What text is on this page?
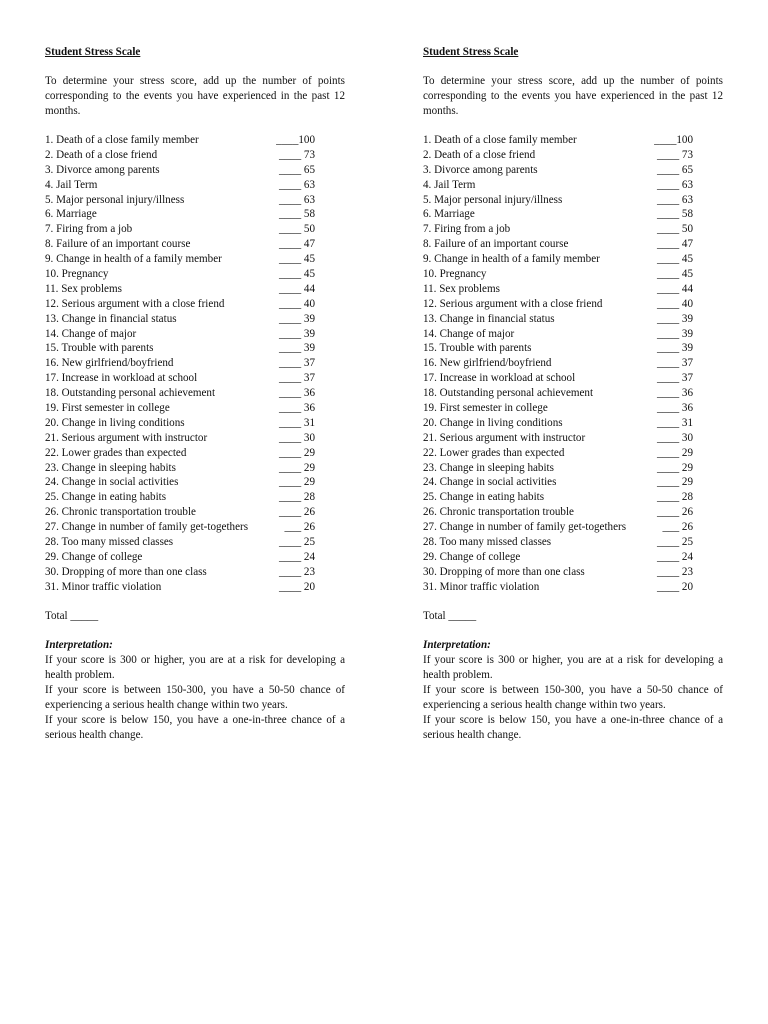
Student Stress Scale
To determine your stress score, add up the number of points corresponding to the events you have experienced in the past 12 months.
1. Death of a close family member	____100
2. Death of a close friend	____ 73
3. Divorce among parents	____ 65
4. Jail Term	____ 63
5. Major personal injury/illness	____ 63
6. Marriage	____ 58
7. Firing from a job	____ 50
8. Failure of an important course	____ 47
9. Change in health of a family member	____ 45
10. Pregnancy	____ 45
11. Sex problems	____ 44
12. Serious argument with a close friend	____ 40
13. Change in financial status	____ 39
14. Change of major	____ 39
15. Trouble with parents	____ 39
16. New girlfriend/boyfriend	____ 37
17. Increase in workload at school	____ 37
18. Outstanding personal achievement	____ 36
19. First semester in college	____ 36
20. Change in living conditions	____ 31
21. Serious argument with instructor	____ 30
22. Lower grades than expected	____ 29
23. Change in sleeping habits	____ 29
24. Change in social activities	____ 29
25. Change in eating habits	____ 28
26. Chronic transportation trouble	____ 26
27. Change in number of family get-togethers	___ 26
28. Too many missed classes	____ 25
29. Change of college	____ 24
30. Dropping of more than one class	____ 23
31. Minor traffic violation	____ 20
Total _____
Interpretation:
If your score is 300 or higher, you are at a risk for developing a health problem.
If your score is between 150-300, you have a 50-50 chance of experiencing a serious health change within two years.
If your score is below 150, you have a one-in-three chance of a serious health change.
Student Stress Scale
To determine your stress score, add up the number of points corresponding to the events you have experienced in the past 12 months.
1. Death of a close family member	____100
2. Death of a close friend	____ 73
3. Divorce among parents	____ 65
4. Jail Term	____ 63
5. Major personal injury/illness	____ 63
6. Marriage	____ 58
7. Firing from a job	____ 50
8. Failure of an important course	____ 47
9. Change in health of a family member	____ 45
10. Pregnancy	____ 45
11. Sex problems	____ 44
12. Serious argument with a close friend	____ 40
13. Change in financial status	____ 39
14. Change of major	____ 39
15. Trouble with parents	____ 39
16. New girlfriend/boyfriend	____ 37
17. Increase in workload at school	____ 37
18. Outstanding personal achievement	____ 36
19. First semester in college	____ 36
20. Change in living conditions	____ 31
21. Serious argument with instructor	____ 30
22. Lower grades than expected	____ 29
23. Change in sleeping habits	____ 29
24. Change in social activities	____ 29
25. Change in eating habits	____ 28
26. Chronic transportation trouble	____ 26
27. Change in number of family get-togethers	___ 26
28. Too many missed classes	____ 25
29. Change of college	____ 24
30. Dropping of more than one class	____ 23
31. Minor traffic violation	____ 20
Total _____
Interpretation:
If your score is 300 or higher, you are at a risk for developing a health problem.
If your score is between 150-300, you have a 50-50 chance of experiencing a serious health change within two years.
If your score is below 150, you have a one-in-three chance of a serious health change.
